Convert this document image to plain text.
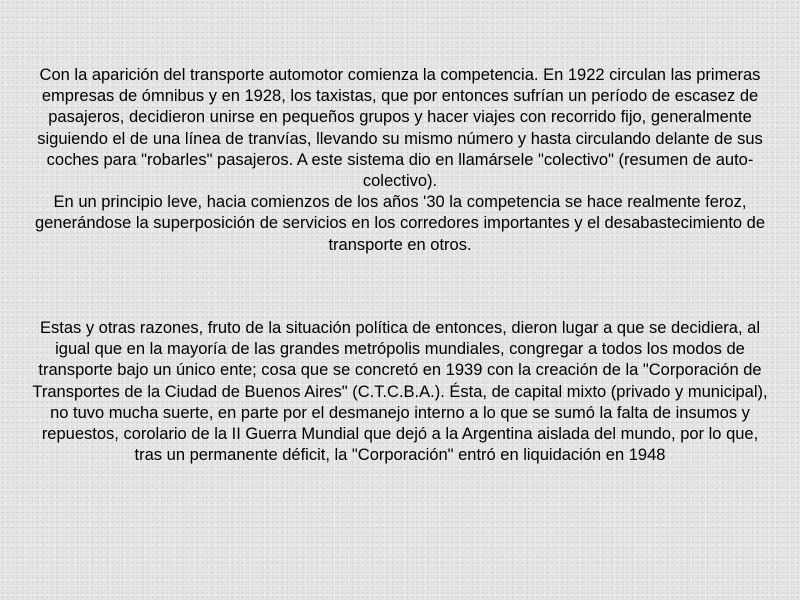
Con la aparición del transporte automotor comienza la competencia. En 1922 circulan las primeras empresas de ómnibus y en 1928, los taxistas, que por entonces sufrían un período de escasez de pasajeros, decidieron unirse en pequeños grupos y hacer viajes con recorrido fijo, generalmente siguiendo el de una línea de tranvías, llevando su mismo número y hasta circulando delante de sus coches para "robarles" pasajeros. A este sistema dio en llamársele "colectivo" (resumen de auto-colectivo).

En un principio leve, hacia comienzos de los años '30 la competencia se hace realmente feroz, generándose la superposición de servicios en los corredores importantes y el desabastecimiento de transporte en otros.

Estas y otras razones, fruto de la situación política de entonces, dieron lugar a que se decidiera, al igual que en la mayoría de las grandes metrópolis mundiales, congregar a todos los modos de transporte bajo un único ente; cosa que se concretó en 1939 con la creación de la "Corporación de Transportes de la Ciudad de Buenos Aires" (C.T.C.B.A.). Ésta, de capital mixto (privado y municipal), no tuvo mucha suerte, en parte por el desmanejo interno a lo que se sumó la falta de insumos y repuestos, corolario de la II Guerra Mundial que dejó a la Argentina aislada del mundo, por lo que, tras un permanente déficit, la "Corporación" entró en liquidación en 1948
